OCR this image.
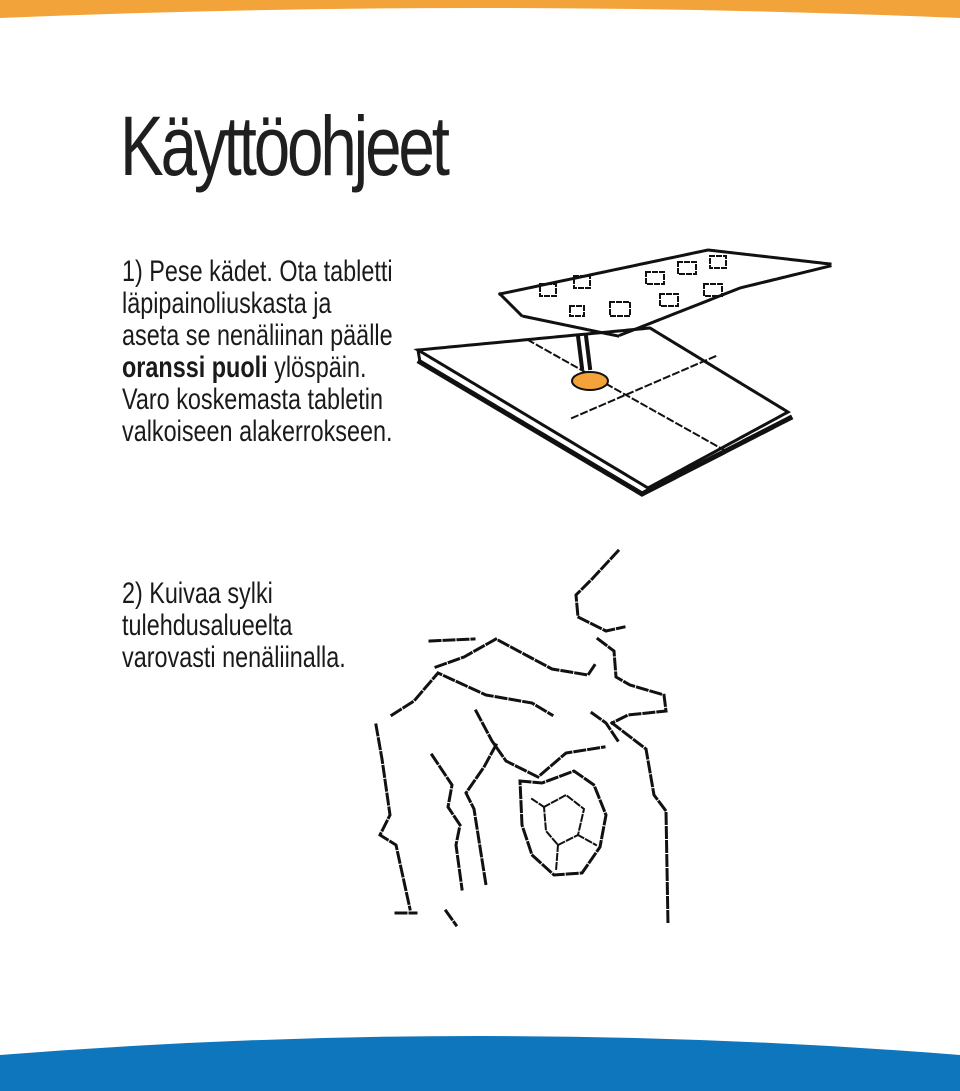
Käyttöohjeet

1) Pese kädet. Ota tabletti
läpipainoliuskasta ja
aseta se nenäliinan päälle
oranssi puoli ylöspäin.
Varo koskemasta tabletin
valkoiseen alakerrokseen.

2) Kuivaa sylki
tulehdusalueelta
varovasti nenäliinalla.
